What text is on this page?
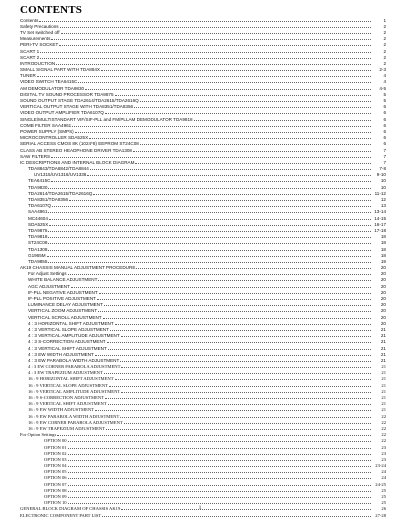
CONTENTS
Contents	1
Safety Precautions	2
TV Set switched off	2
Measurements	2
PERI-TV SOCKET	2
SCART 1	2
SCART 2	2
INTRODUCTION	2
SMALL SIGNAL PART WITH TDA884X	2-3
TUNER	4
VIDEO SWITCH TEA6415C	4
AM DEMODULATOR TDA9830	4-5
DIGITAL TV SOUND PROCESSOR TDA9875	5
SOUND OUTPUT STAGE TDA2614/TDA2615/TDA2616Q	5
VERTICAL OUTPUT STAGE WITH TDA8351/TDA8356	6
VIDEO OUTPUT AMPLIFIER TDA6107Q	6
SINGLE/MULTISTANDART VIF/SIF-PLL and FM/PLLAM DEMODULATOR TDA9818	6
COMB FILTER SAA4961	6
POWER SUPPLY (SMPS)	6
MICROCONTROLLER SDA525X	6
SERIAL ACCESS CMOS 8K (1024*8) EEPROM ST24C08	6
CLASS AB STEREO HEADPHONE DRIVER TDA1308	7
SAW FILTERS	7
IC DESCRIPTIONS AND INTERNAL BLOCK DIAGRAM	7
TDA8843/TDA8842/TDA8844	7-8
UV1315/UV1316/UV1336	9-10
TEA6415C	10
TDA9830	10
TDA2614/TDA2615/TDA2616Q	11-12
TDA8351/TDA8356	12
TDA6107Q	13
SAA4961	13-14
MC44604	14-15
SDA525X	16-17
TDA9875	17-18
TDA9818	18
ST24C08	18
TDA1308	18
G1965M	18
TDA9855	19
AK19 CHASSIS MANUAL ADJUSTMENT PROCEDURE	20
For Adjust Settings	20
WHITE BALANCE ADJUSTMENT	20
AGC ADJUSTMENT	20
IF-PLL NEGATIVE ADJUSTMENT	20
IF-PLL POSITIVE ADJUSTMENT	20
LUMINANCE DELAY ADJUSTMENT	20
VERTICAL ZOOM ADJUSTMENT	20
VERTICAL SCROLL ADJUSTMENT	20
4 : 3 HORIZONTAL SHIFT ADJUSTMENT	20
4 : 3 VERTICAL SLOPE ADJUSTMENT	21
4 : 3 VERTICAL AMPLITUDE ADJUSTMENT	21
4 : 3 S-CORRECTION ADJUSTMENT	21
4 : 3 VERTICAL SHIFT ADJUSTMENT	21
4 : 3 EW WIDTH ADJUSTMENT	21
4 : 3 EW PARABOLA WIDTH ADJUSTMENT	21
4 : 3 EW CORNER PARABOLA ADJUSTMENT	21
4 : 3 EW TRAPEZIUM ADJUSTMENT	21
16 : 9 HORIZONTAL SHIFT ADJUSTMENT	21
16 : 9 VERTICAL SLOPE ADJUSTMENT	21
16 : 9 VERTICAL AMPLITUDE ADJUSTMENT	21
16 : 9 S-CORRECTION ADJUSTMENT	21
16 : 9 VERTICAL SHIFT ADJUSTMENT	21
16 : 9 EW WIDTH ADJUSTMENT	21
16 : 9 EW PARABOLA WIDTH ADJUSTMENT	22
16 : 9 EW CORNER PARABOLA ADJUSTMENT	22
16 : 9 EW TRAPEZIUM ADJUSTMENT	22
For Option Settings	22
OPTION 00	22
OPTION 01	23
OPTION 02	23
OPTION 03	23
OPTION 04	23-24
OPTION 05	24
OPTION 06	24
OPTION 07	24-25
OPTION 08	25
OPTION 09	25
OPTION 10	25
GENERAL BLOCK DIAGRAM OF CHASSIS AK19	26
ELECTRONIC COMPONENT PART LIST	27-28
1
